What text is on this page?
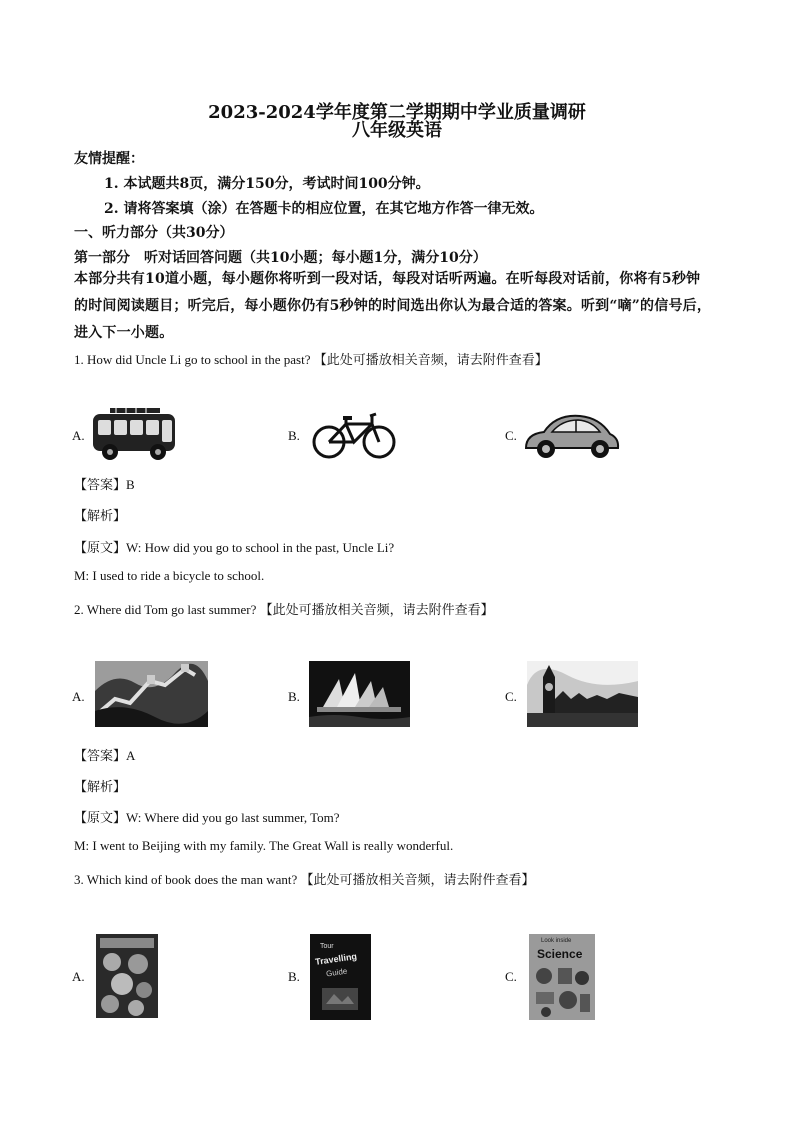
2023-2024学年度第二学期期中学业质量调研
八年级英语
友情提醒：
1. 本试题共8页，满分150分，考试时间100分钟。
2. 请将答案填（涂）在答题卡的相应位置，在其它地方作答一律无效。
一、听力部分（共30分）
第一部分　听对话回答问题（共10小题；每小题1分，满分10分）
本部分共有10道小题，每小题你将听到一段对话，每段对话听两遍。在听每段对话前，你将有5秒钟的时间阅读题目；听完后，每小题你仍有5秒钟的时间选出你认为最合适的答案。听到“嘀”的信号后，进入下一小题。
1. How did Uncle Li go to school in the past? 【此处可播放相关音频，请去附件查看】
A.	B.	C.
【答案】B
【解析】
【原文】W: How did you go to school in the past, Uncle Li?
M: I used to ride a bicycle to school.
2. Where did Tom go last summer? 【此处可播放相关音频，请去附件查看】
A.	B.	C.
【答案】A
【解析】
【原文】W: Where did you go last summer, Tom?
M: I went to Beijing with my family. The Great Wall is really wonderful.
3. Which kind of book does the man want? 【此处可播放相关音频，请去附件查看】
A.	B.
Tour
Travelling
Guide	C.
Look inside
Science
